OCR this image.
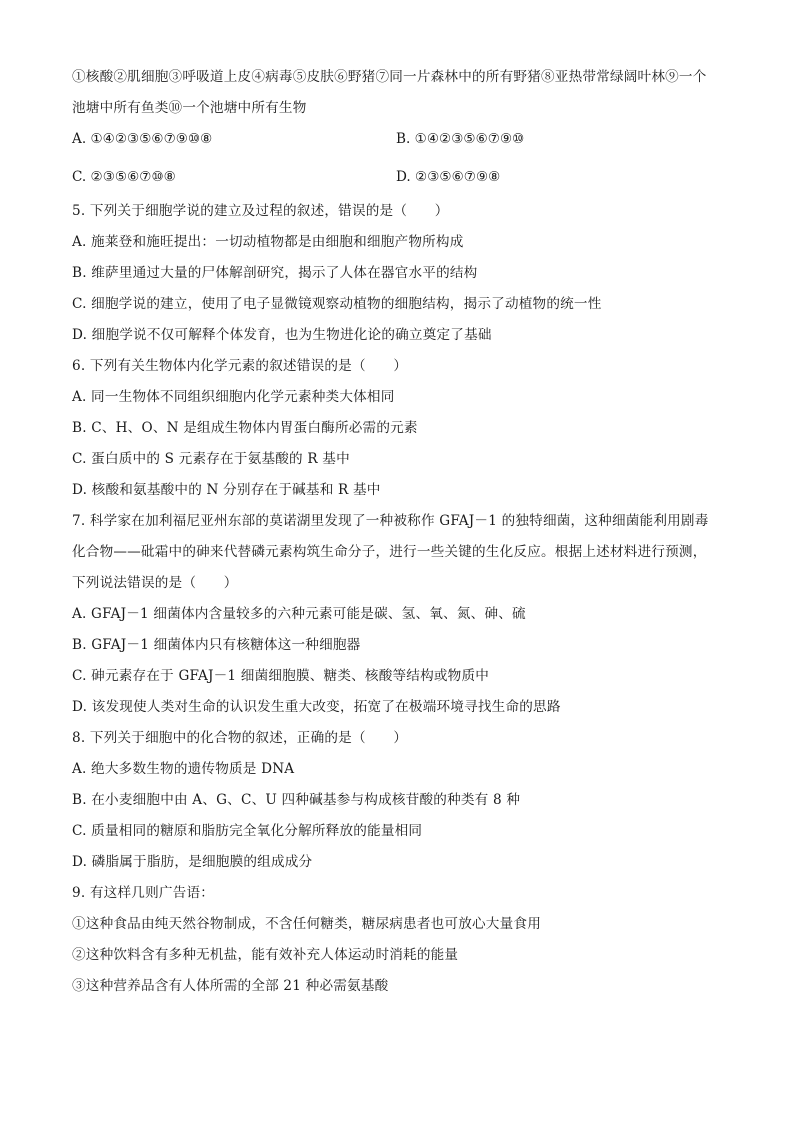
①核酸②肌细胞③呼吸道上皮④病毒⑤皮肤⑥野猪⑦同一片森林中的所有野猪⑧亚热带常绿阔叶林⑨一个
池塘中所有鱼类⑩一个池塘中所有生物
A. ①④②③⑤⑥⑦⑨⑩⑧	B. ①④②③⑤⑥⑦⑨⑩
C. ②③⑤⑥⑦⑩⑧	D. ②③⑤⑥⑦⑨⑧
5. 下列关于细胞学说的建立及过程的叙述，错误的是（　　）
A. 施莱登和施旺提出：一切动植物都是由细胞和细胞产物所构成
B. 维萨里通过大量的尸体解剖研究，揭示了人体在器官水平的结构
C. 细胞学说的建立，使用了电子显微镜观察动植物的细胞结构，揭示了动植物的统一性
D. 细胞学说不仅可解释个体发育，也为生物进化论的确立奠定了基础
6. 下列有关生物体内化学元素的叙述错误的是（　　）
A. 同一生物体不同组织细胞内化学元素种类大体相同
B. C、H、O、N 是组成生物体内胃蛋白酶所必需的元素
C. 蛋白质中的 S 元素存在于氨基酸的 R 基中
D. 核酸和氨基酸中的 N 分别存在于碱基和 R 基中
7. 科学家在加利福尼亚州东部的莫诺湖里发现了一种被称作 GFAJ－1 的独特细菌，这种细菌能利用剧毒
化合物——砒霜中的砷来代替磷元素构筑生命分子，进行一些关键的生化反应。根据上述材料进行预测，
下列说法错误的是（　　）
A. GFAJ－1 细菌体内含量较多的六种元素可能是碳、氢、氧、氮、砷、硫
B. GFAJ－1 细菌体内只有核糖体这一种细胞器
C. 砷元素存在于 GFAJ－1 细菌细胞膜、糖类、核酸等结构或物质中
D. 该发现使人类对生命的认识发生重大改变，拓宽了在极端环境寻找生命的思路
8. 下列关于细胞中的化合物的叙述，正确的是（　　）
A. 绝大多数生物的遗传物质是 DNA
B. 在小麦细胞中由 A、G、C、U 四种碱基参与构成核苷酸的种类有 8 种
C. 质量相同的糖原和脂肪完全氧化分解所释放的能量相同
D. 磷脂属于脂肪，是细胞膜的组成成分
9. 有这样几则广告语：
①这种食品由纯天然谷物制成，不含任何糖类，糖尿病患者也可放心大量食用
②这种饮料含有多种无机盐，能有效补充人体运动时消耗的能量
③这种营养品含有人体所需的全部 21 种必需氨基酸
